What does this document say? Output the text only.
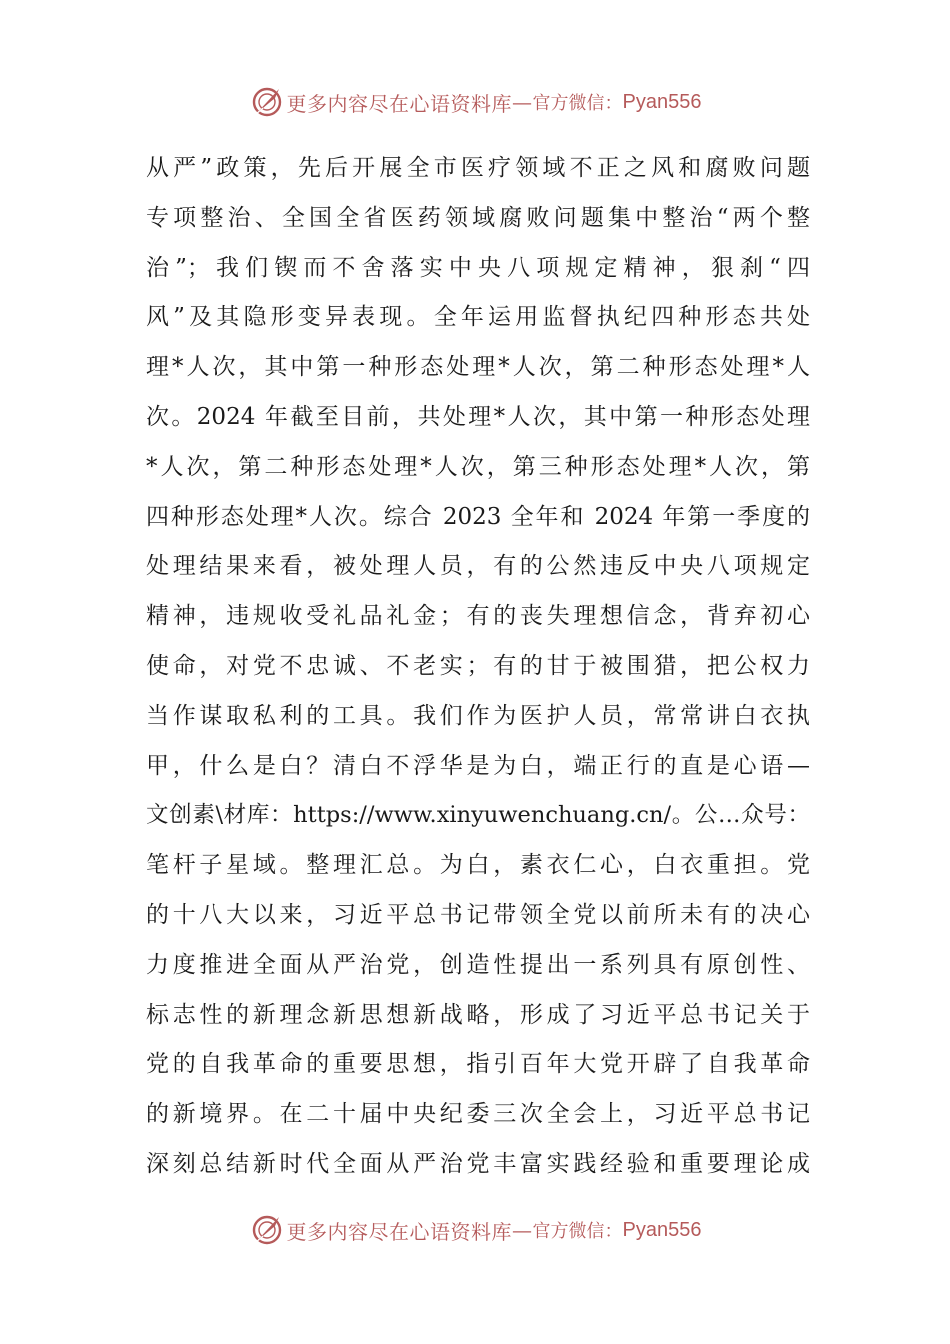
更多内容尽在心语资料库 — 官方微信： Pyan556
从严”政策，先后开展全市医疗领域不正之风和腐败问题
专项整治、全国全省医药领域腐败问题集中整治“两个整
治”；我们锲而不舍落实中央八项规定精神，狠刹“四
风”及其隐形变异表现。全年运用监督执纪四种形态共处
理*人次，其中第一种形态处理*人次，第二种形态处理*人
次。2024 年截至目前，共处理*人次，其中第一种形态处理
*人次，第二种形态处理*人次，第三种形态处理*人次，第
四种形态处理*人次。综合 2023 全年和 2024 年第一季度的
处理结果来看，被处理人员，有的公然违反中央八项规定
精神，违规收受礼品礼金；有的丧失理想信念，背弃初心
使命，对党不忠诚、不老实；有的甘于被围猎，把公权力
当作谋取私利的工具。我们作为医护人员，常常讲白衣执
甲，什么是白？清白不浮华是为白，端正行的直是心语—
文创素\材库：https://www.xinyuwenchuang.cn/。公…众号：
笔杆子星域。整理汇总。为白，素衣仁心，白衣重担。党
的十八大以来，习近平总书记带领全党以前所未有的决心
力度推进全面从严治党，创造性提出一系列具有原创性、
标志性的新理念新思想新战略，形成了习近平总书记关于
党的自我革命的重要思想，指引百年大党开辟了自我革命
的新境界。在二十届中央纪委三次全会上，习近平总书记
深刻总结新时代全面从严治党丰富实践经验和重要理论成
更多内容尽在心语资料库 — 官方微信： Pyan556
